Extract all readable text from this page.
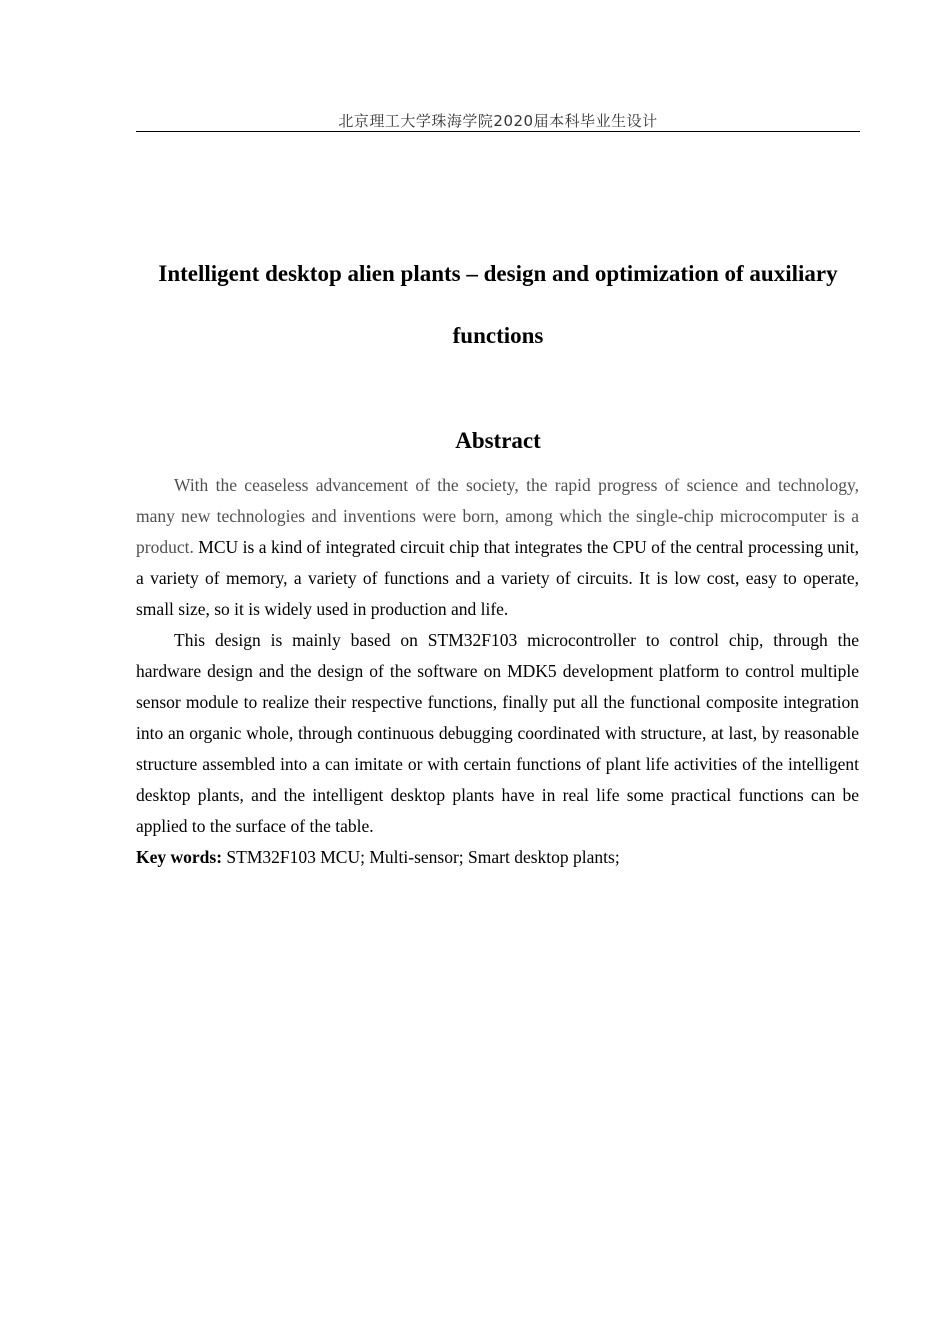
北京理工大学珠海学院2020届本科毕业生设计

Intelligent desktop alien plants – design and optimization of auxiliary

functions

Abstract

With the ceaseless advancement of the society, the rapid progress of science and technology, many new technologies and inventions were born, among which the single-chip microcomputer is a product. MCU is a kind of integrated circuit chip that integrates the CPU of the central processing unit, a variety of memory, a variety of functions and a variety of circuits. It is low cost, easy to operate, small size, so it is widely used in production and life.

This design is mainly based on STM32F103 microcontroller to control chip, through the hardware design and the design of the software on MDK5 development platform to control multiple sensor module to realize their respective functions, finally put all the functional composite integration into an organic whole, through continuous debugging coordinated with structure, at last, by reasonable structure assembled into a can imitate or with certain functions of plant life activities of the intelligent desktop plants, and the intelligent desktop plants have in real life some practical functions can be applied to the surface of the table.

Key words: STM32F103 MCU; Multi-sensor; Smart desktop plants;
